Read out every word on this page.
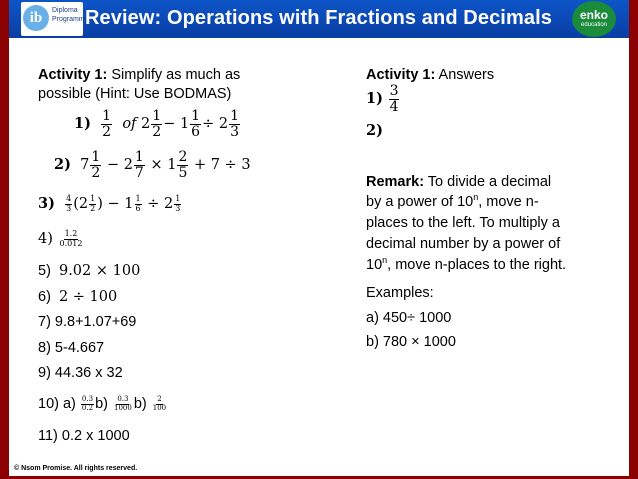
ib	Diploma Programme
Review: Operations with Fractions and Decimals	enko
education
Activity 1: Simplify as much as
possible (Hint: Use BODMAS)
$1) \frac{1}{2}$ of $2 \frac{1}{2} - 1 \frac{1}{6} \div 2 \frac{1}{3}$
2) $7 \frac{1}{2} - 2 \frac{1}{7} \times 1 \frac{2}{5} + 7 \div 3$
$3) \frac{4}{3} (2 \frac{1}{2}$ ) − $1 \frac{1}{6} \div 2 \frac{1}{3}$
$4) \frac{1.2}{0.012}$
5) 9.02 × 100
6) 2 ÷ 100
7) 9.8+1.07+69
8) 5-4.667
9) 44.36 x 32
10) $a) \frac{0.3}{0.2} b) \frac{0.3}{1000} b) \frac{2}{100}$
11) 0.2 x 1000
Activity 1: Answers
$1) \frac{3}{4}$
2)
Remark: To divide a decimal
by a power of 10$^n$, move n-
places to the left. To multiply a
decimal number by a power of
10$^n$, move n-places to the right.
Examples:
a) 450÷ 1000
b) 780 × 1000
© Nsom Promise. All rights reserved.
